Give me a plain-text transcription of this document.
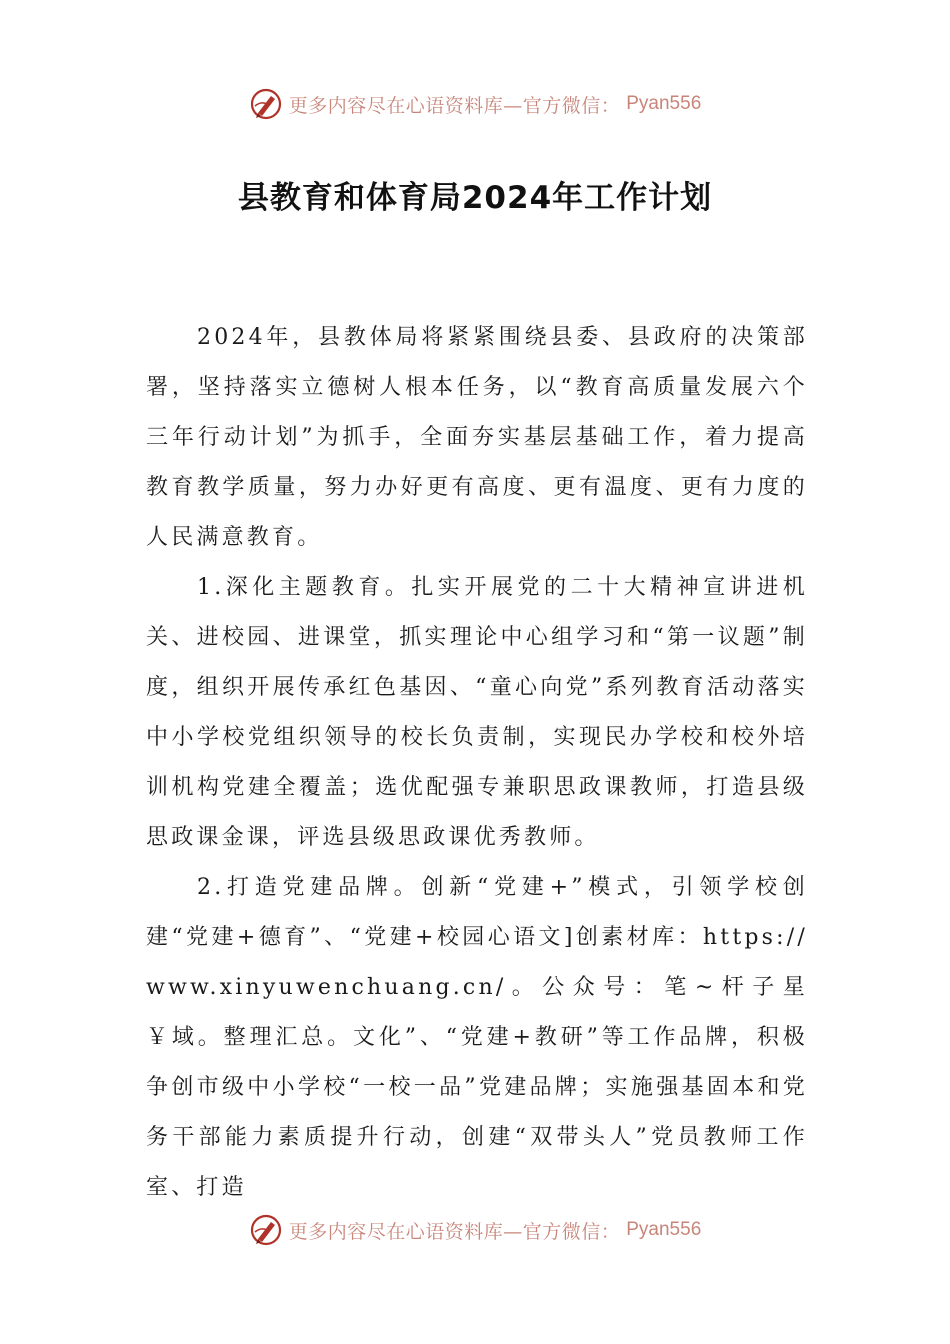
更多内容尽在心语资料库—官方微信： Pyan556
县教育和体育局2024年工作计划

2024年，县教体局将紧紧围绕县委、县政府的决策部署，坚持落实立德树人根本任务，以“教育高质量发展六个三年行动计划”为抓手，全面夯实基层基础工作，着力提高教育教学质量，努力办好更有高度、更有温度、更有力度的人民满意教育。

1.深化主题教育。扎实开展党的二十大精神宣讲进机关、进校园、进课堂，抓实理论中心组学习和“第一议题”制度，组织开展传承红色基因、“童心向党”系列教育活动落实中小学校党组织领导的校长负责制，实现民办学校和校外培训机构党建全覆盖；选优配强专兼职思政课教师，打造县级思政课金课，评选县级思政课优秀教师。

2.打造党建品牌。创新“党建+”模式，引领学校创建“党建+德育”、“党建+校园心语文]创素材库：https://www.xinyuwenchuang.cn/。公众号：笔~杆子星￥域。整理汇总。文化”、“党建+教研”等工作品牌，积极争创市级中小学校“一校一品”党建品牌；实施强基固本和党务干部能力素质提升行动，创建“双带头人”党员教师工作室、打造

更多内容尽在心语资料库—官方微信： Pyan556
